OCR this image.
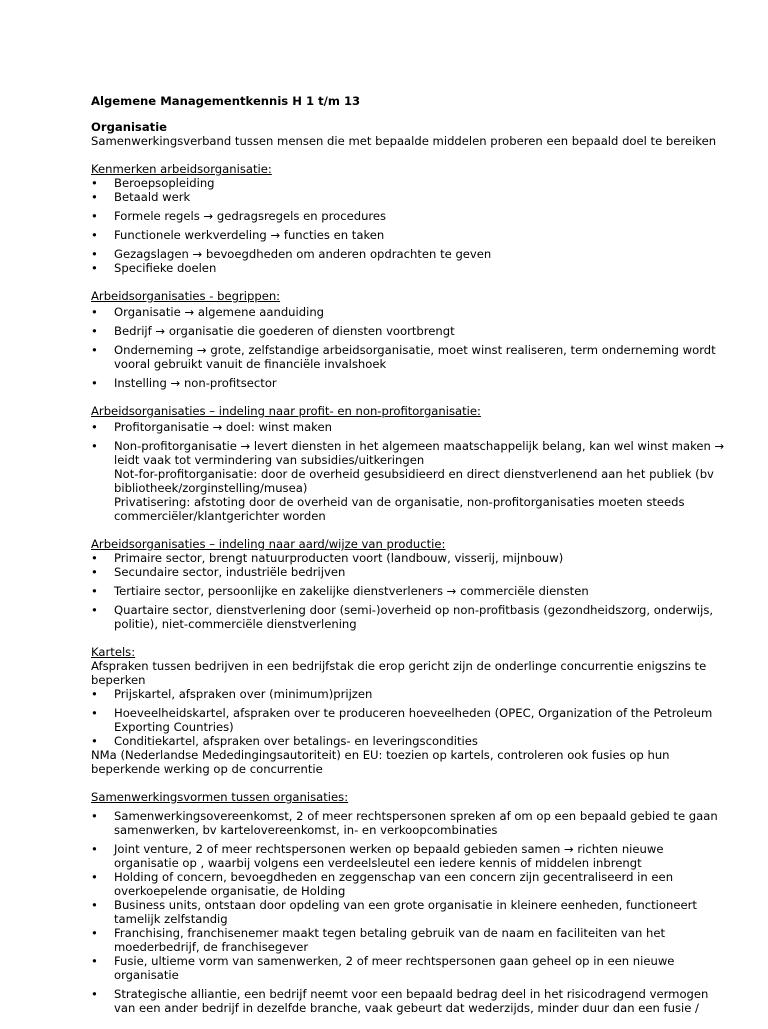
Algemene Managementkennis H 1 t/m 13
Organisatie

Samenwerkingsverband tussen mensen die met bepaalde middelen proberen een bepaald doel te bereiken

Kenmerken arbeidsorganisatie:
•	Beroepsopleiding
•	Betaald werk
•	Formele regels → gedragsregels en procedures
•	Functionele werkverdeling → functies en taken
•	Gezagslagen → bevoegdheden om anderen opdrachten te geven
•	Specifieke doelen
Arbeidsorganisaties - begrippen:
•	Organisatie → algemene aanduiding
•	Bedrijf → organisatie die goederen of diensten voortbrengt
•	Onderneming → grote, zelfstandige arbeidsorganisatie, moet winst realiseren, term onderneming wordt vooral gebruikt vanuit de financiële invalshoek
•	Instelling → non-profitsector
Arbeidsorganisaties – indeling naar profit- en non-profitorganisatie:
•	Profitorganisatie → doel: winst maken
•	Non-profitorganisatie → levert diensten in het algemeen maatschappelijk belang, kan wel winst maken → leidt vaak tot vermindering van subsidies/uitkeringen
Not-for-profitorganisatie: door de overheid gesubsidieerd en direct dienstverlenend aan het publiek (bv bibliotheek/zorginstelling/musea)
Privatisering: afstoting door de overheid van de organisatie, non-profitorganisaties moeten steeds commerciëler/klantgerichter worden
Arbeidsorganisaties – indeling naar aard/wijze van productie:
•	Primaire sector, brengt natuurproducten voort (landbouw, visserij, mijnbouw)
•	Secundaire sector, industriële bedrijven
•	Tertiaire sector, persoonlijke en zakelijke dienstverleners → commerciële diensten
•	Quartaire sector, dienstverlening door (semi-)overheid op non-profitbasis (gezondheidszorg, onderwijs, politie), niet-commerciële dienstverlening
Kartels:

Afspraken tussen bedrijven in een bedrijfstak die erop gericht zijn de onderlinge concurrentie enigszins te beperken

•	Prijskartel, afspraken over (minimum)prijzen
•	Hoeveelheidskartel, afspraken over te produceren hoeveelheden (OPEC, Organization of the Petroleum Exporting Countries)
•	Conditiekartel, afspraken over betalings- en leveringscondities

NMa (Nederlandse Mededingingsautoriteit) en EU: toezien op kartels, controleren ook fusies op hun beperkende werking op de concurrentie

Samenwerkingsvormen tussen organisaties:
•	Samenwerkingsovereenkomst, 2 of meer rechtspersonen spreken af om op een bepaald gebied te gaan samenwerken, bv kartelovereenkomst, in- en verkoopcombinaties
•	Joint venture, 2 of meer rechtspersonen werken op bepaald gebieden samen → richten nieuwe organisatie op , waarbij volgens een verdeelsleutel een iedere kennis of middelen inbrengt
•	Holding of concern, bevoegdheden en zeggenschap van een concern zijn gecentraliseerd in een overkoepelende organisatie, de Holding
•	Business units, ontstaan door opdeling van een grote organisatie in kleinere eenheden, functioneert tamelijk zelfstandig
•	Franchising, franchisenemer maakt tegen betaling gebruik van de naam en faciliteiten van het moederbedrijf, de franchisegever
•	Fusie, ultieme vorm van samenwerken, 2 of meer rechtspersonen gaan geheel op in een nieuwe organisatie
•	Strategische alliantie, een bedrijf neemt voor een bepaald bedrag deel in het risicodragend vermogen van een ander bedrijf in dezelfde branche, vaak gebeurt dat wederzijds, minder duur dan een fusie /
